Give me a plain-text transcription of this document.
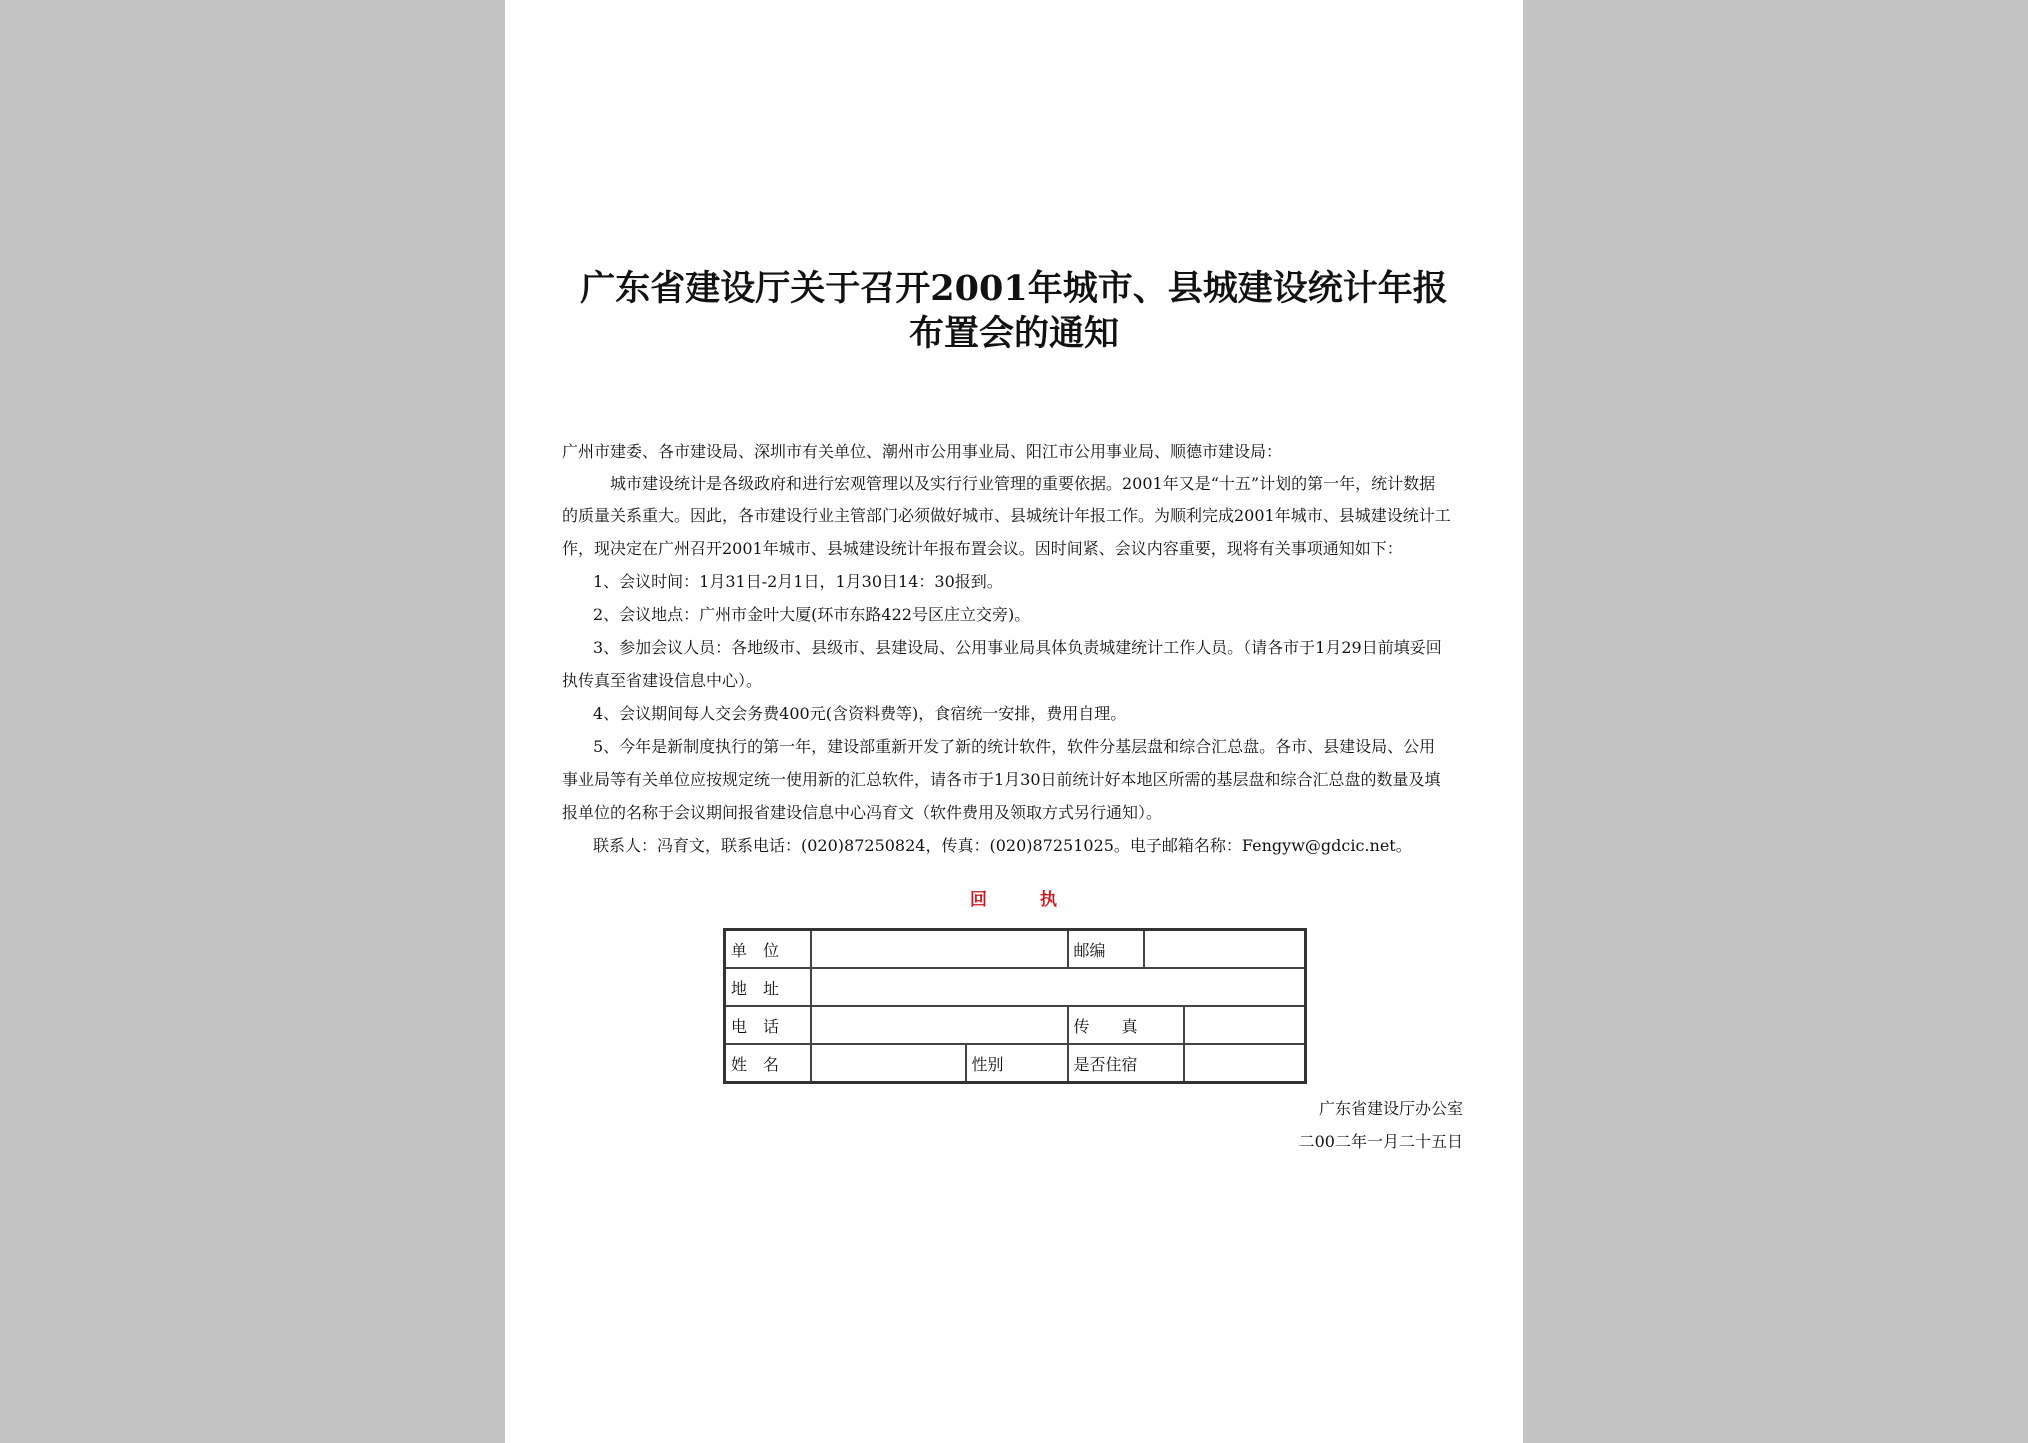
广东省建设厅关于召开2001年城市、县城建设统计年报
布置会的通知
广州市建委、各市建设局、深圳市有关单位、潮州市公用事业局、阳江市公用事业局、顺德市建设局：
城市建设统计是各级政府和进行宏观管理以及实行行业管理的重要依据。2001年又是“十五”计划的第一年，统计数据
的质量关系重大。因此，各市建设行业主管部门必须做好城市、县城统计年报工作。为顺利完成2001年城市、县城建设统计工
作，现决定在广州召开2001年城市、县城建设统计年报布置会议。因时间紧、会议内容重要，现将有关事项通知如下：
1、会议时间：1月31日-2月1日，1月30日14：30报到。
2、会议地点：广州市金叶大厦(环市东路422号区庄立交旁)。
3、参加会议人员：各地级市、县级市、县建设局、公用事业局具体负责城建统计工作人员。（请各市于1月29日前填妥回
执传真至省建设信息中心）。
4、会议期间每人交会务费400元(含资料费等)，食宿统一安排，费用自理。
5、今年是新制度执行的第一年，建设部重新开发了新的统计软件，软件分基层盘和综合汇总盘。各市、县建设局、公用
事业局等有关单位应按规定统一使用新的汇总软件，请各市于1月30日前统计好本地区所需的基层盘和综合汇总盘的数量及填
报单位的名称于会议期间报省建设信息中心冯育文（软件费用及领取方式另行通知）。
联系人：冯育文，联系电话：(020)87250824，传真：(020)87251025。电子邮箱名称：Fengyw@gdcic.net。
回	执
单　位			邮编		
地　址					
电　话			传　　真		
姓　名		性别	是否住宿		
广东省建设厅办公室
二00二年一月二十五日
